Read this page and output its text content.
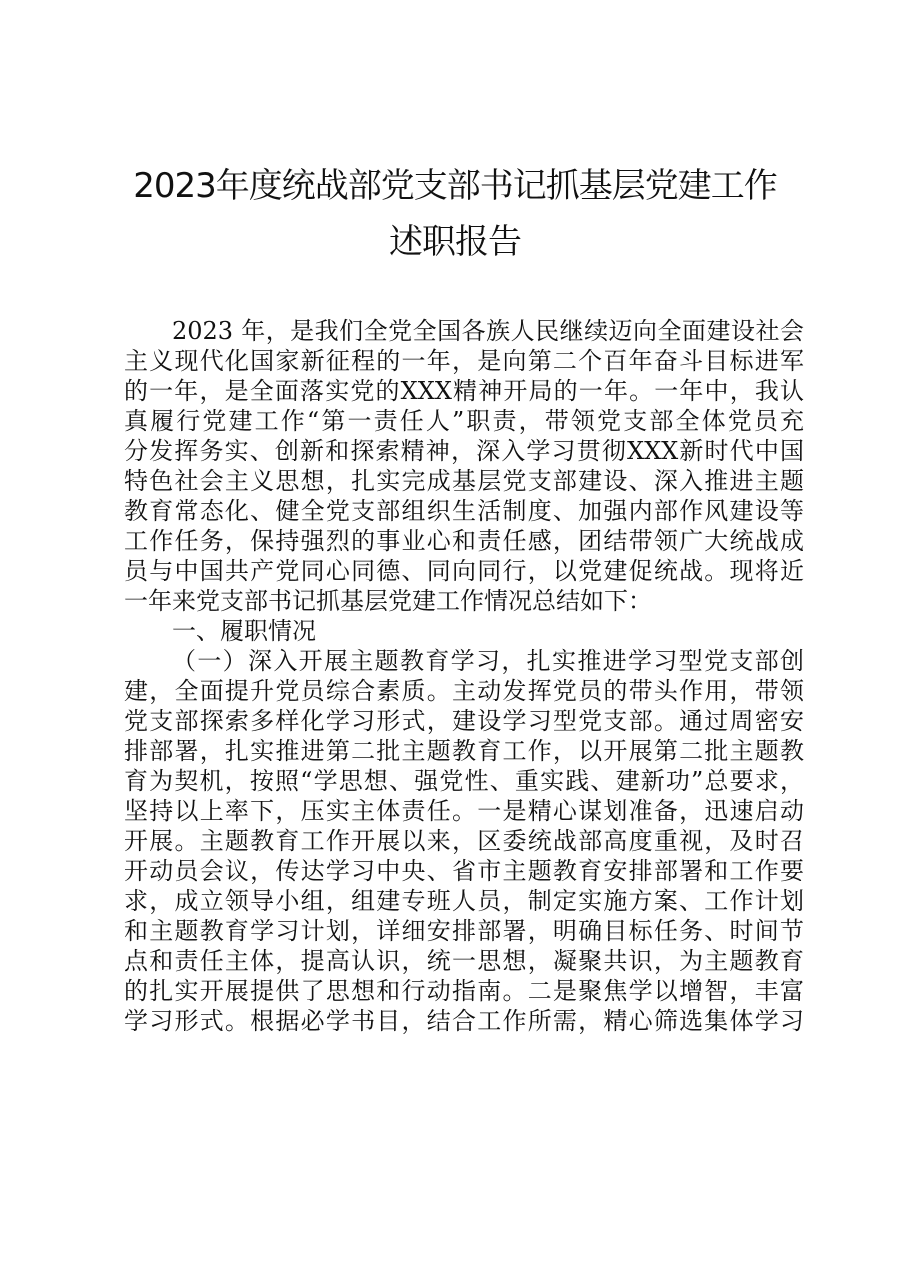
2023年度统战部党支部书记抓基层党建工作
述职报告
2023 年，是我们全党全国各族人民继续迈向全面建设社会
主义现代化国家新征程的一年，是向第二个百年奋斗目标进军
的一年，是全面落实党的XXX精神开局的一年。一年中，我认
真履行党建工作“第一责任人”职责，带领党支部全体党员充
分发挥务实、创新和探索精神，深入学习贯彻XXX新时代中国
特色社会主义思想，扎实完成基层党支部建设、深入推进主题
教育常态化、健全党支部组织生活制度、加强内部作风建设等
工作任务，保持强烈的事业心和责任感，团结带领广大统战成
员与中国共产党同心同德、同向同行，以党建促统战。现将近
一年来党支部书记抓基层党建工作情况总结如下：
一、履职情况
（一）深入开展主题教育学习，扎实推进学习型党支部创
建，全面提升党员综合素质。主动发挥党员的带头作用，带领
党支部探索多样化学习形式，建设学习型党支部。通过周密安
排部署，扎实推进第二批主题教育工作，以开展第二批主题教
育为契机，按照“学思想、强党性、重实践、建新功”总要求，
坚持以上率下，压实主体责任。一是精心谋划准备，迅速启动
开展。主题教育工作开展以来，区委统战部高度重视，及时召
开动员会议，传达学习中央、省市主题教育安排部署和工作要
求，成立领导小组，组建专班人员，制定实施方案、工作计划
和主题教育学习计划，详细安排部署，明确目标任务、时间节
点和责任主体，提高认识，统一思想，凝聚共识，为主题教育
的扎实开展提供了思想和行动指南。二是聚焦学以增智，丰富
学习形式。根据必学书目，结合工作所需，精心筛选集体学习
